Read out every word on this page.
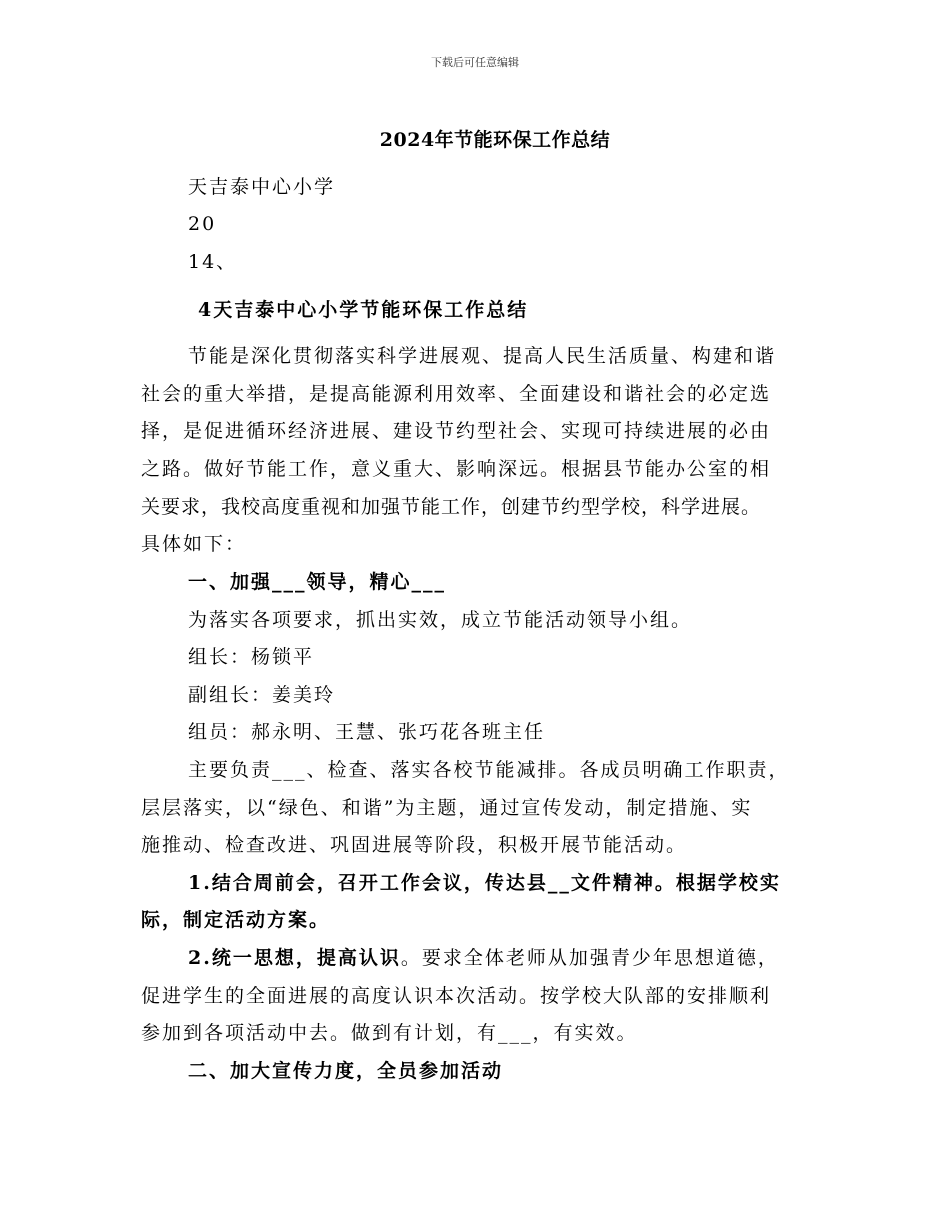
下载后可任意编辑
2024年节能环保工作总结
天吉泰中心小学
20
14、
4天吉泰中心小学节能环保工作总结
节能是深化贯彻落实科学进展观、提高人民生活质量、构建和谐
社会的重大举措，是提高能源利用效率、全面建设和谐社会的必定选
择，是促进循环经济进展、建设节约型社会、实现可持续进展的必由
之路。做好节能工作，意义重大、影响深远。根据县节能办公室的相
关要求，我校高度重视和加强节能工作，创建节约型学校，科学进展。
具体如下：
一、加强___领导，精心___
为落实各项要求，抓出实效，成立节能活动领导小组。
组长：杨锁平
副组长：姜美玲
组员：郝永明、王慧、张巧花各班主任
主要负责___、检查、落实各校节能减排。各成员明确工作职责，
层层落实，以“绿色、和谐”为主题，通过宣传发动，制定措施、实
施推动、检查改进、巩固进展等阶段，积极开展节能活动。
1.结合周前会，召开工作会议，传达县__文件精神。根据学校实
际，制定活动方案。
2.统一思想，提高认识。要求全体老师从加强青少年思想道德，
促进学生的全面进展的高度认识本次活动。按学校大队部的安排顺利
参加到各项活动中去。做到有计划，有___，有实效。
二、加大宣传力度，全员参加活动
